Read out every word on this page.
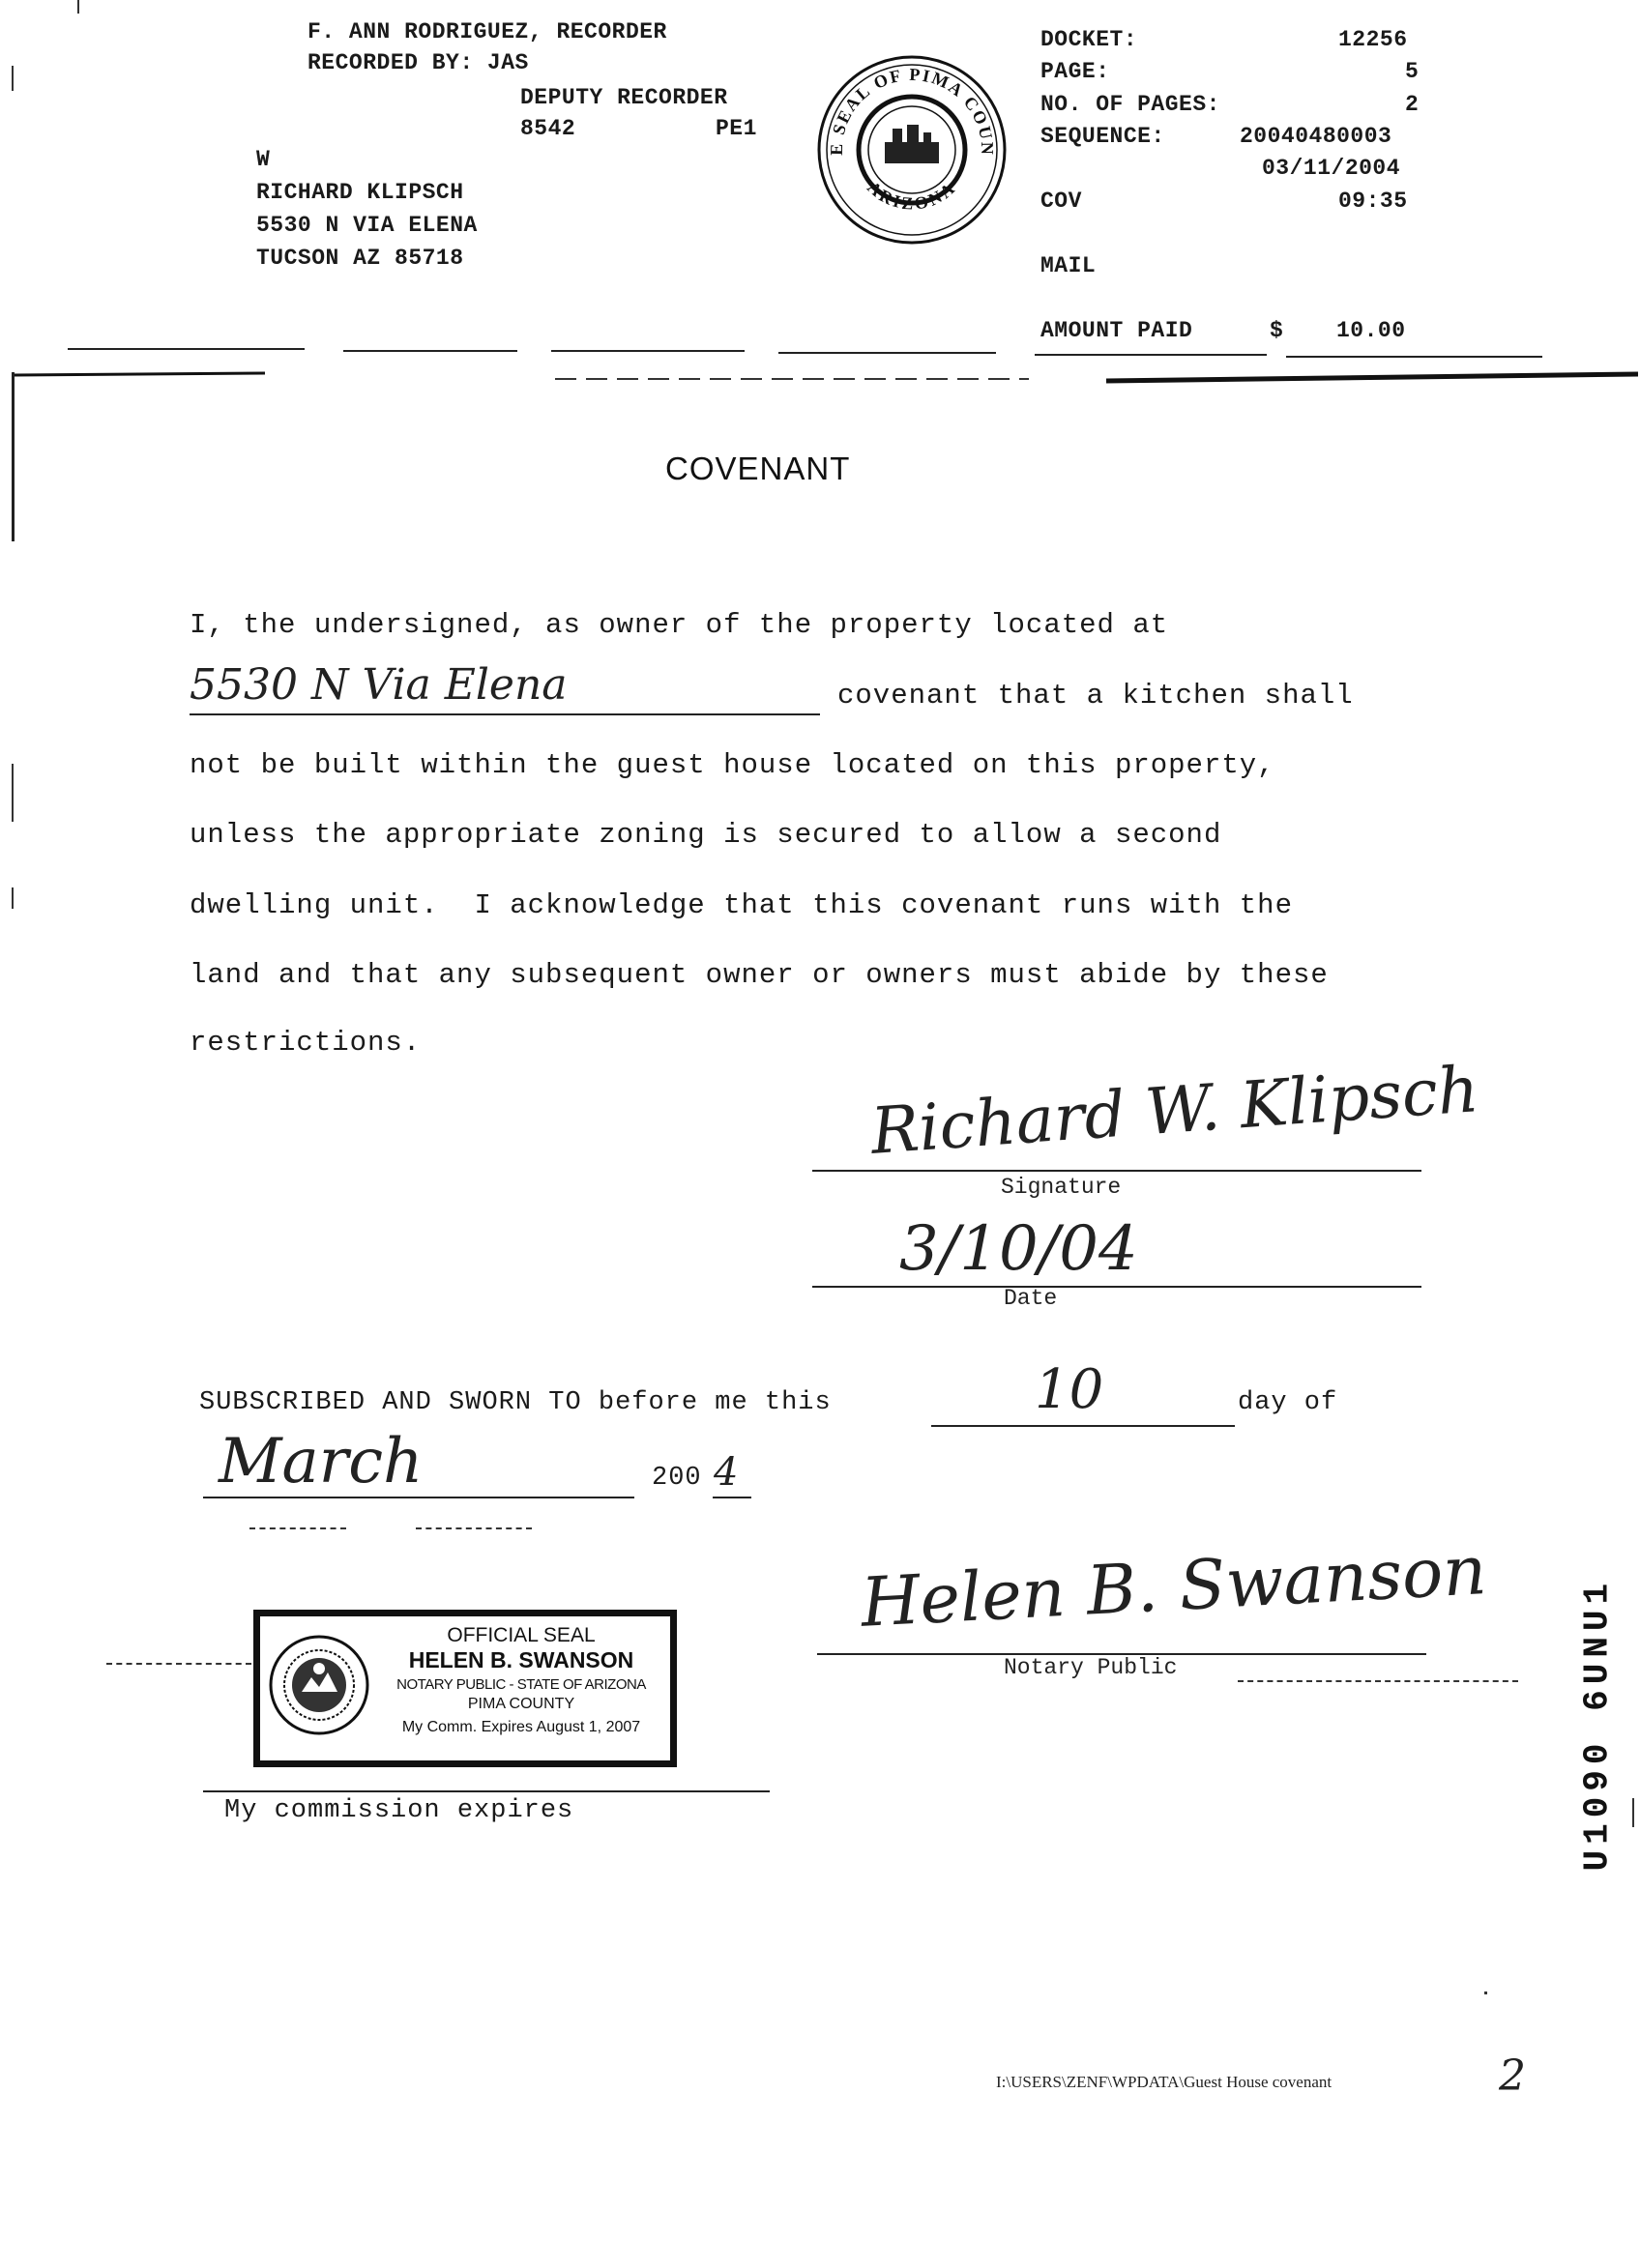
F. ANN RODRIGUEZ, RECORDER
RECORDED BY: JAS
DEPUTY RECORDER
8542	PE1
W
RICHARD KLIPSCH
5530 N VIA ELENA
TUCSON AZ 85718
E SEAL OF PIMA COUN
ARIZONA
DOCKET:	12256
PAGE:	5
NO. OF PAGES:	2
SEQUENCE:	20040480003
03/11/2004
COV	09:35
MAIL
AMOUNT PAID	$ 10.00
COVENANT
I, the undersigned, as owner of the property located at
5530 N Via Elena	covenant that a kitchen shall
not be built within the guest house located on this property,
unless the appropriate zoning is secured to allow a second
dwelling unit.  I acknowledge that this covenant runs with the
land and that any subsequent owner or owners must abide by these
restrictions.
Richard W. Klipsch
Signature
3/10/04
Date
SUBSCRIBED AND SWORN TO before me this	10	day of
March	200 4
Helen B. Swanson
Notary Public
OFFICIAL SEAL
HELEN B. SWANSON
NOTARY PUBLIC - STATE OF ARIZONA
PIMA COUNTY
My Comm. Expires August 1, 2007
My commission expires	U1090 6UNU1
I:\USERS\ZENF\WPDATA\Guest House covenant	2
